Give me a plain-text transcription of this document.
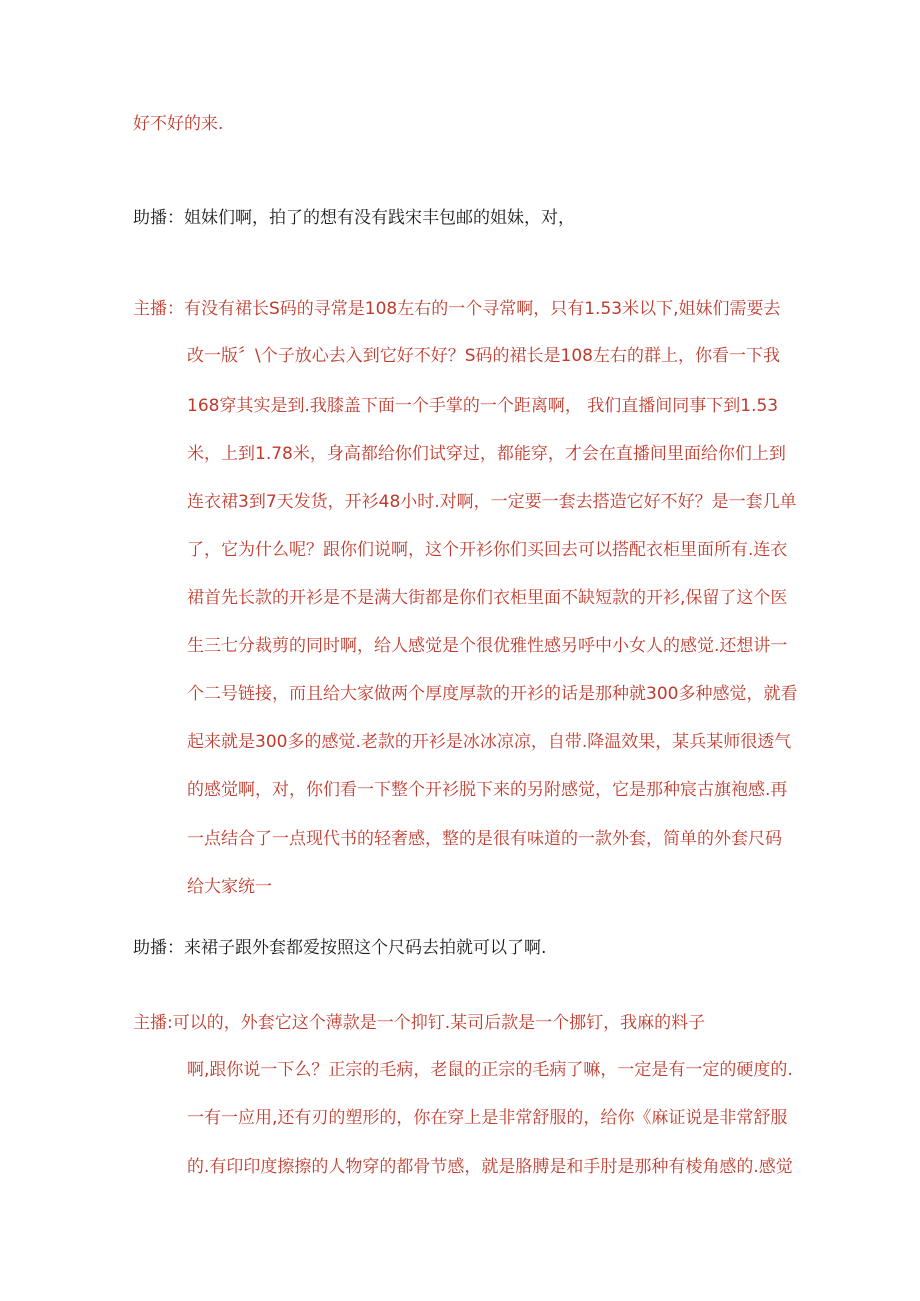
好不好的来.
助播：姐妹们啊，拍了的想有没有践宋丰包邮的姐妹，对，
主播：有没有裙长S码的寻常是108左右的一个寻常啊，只有1.53米以下,姐妹们需要去
改一版〞\个子放心去入到它好不好？S码的裙长是108左右的群上，你看一下我
168穿其实是到.我膝盖下面一个手掌的一个距离啊， 我们直播间同事下到1.53
米，上到1.78米，身高都给你们试穿过，都能穿，才会在直播间里面给你们上到
连衣裙3到7天发货，开衫48小时.对啊，一定要一套去搭造它好不好？是一套几单
了，它为什么呢？跟你们说啊，这个开衫你们买回去可以搭配衣柜里面所有.连衣
裙首先长款的开衫是不是满大街都是你们衣柜里面不缺短款的开衫,保留了这个医
生三七分裁剪的同时啊，给人感觉是个很优雅性感另呼中小女人的感觉.还想讲一
个二号链接，而且给大家做两个厚度厚款的开衫的话是那种就300多种感觉，就看
起来就是300多的感觉.老款的开衫是冰冰凉凉，自带.降温效果，某兵某师很透气
的感觉啊，对，你们看一下整个开衫脱下来的另附感觉，它是那种宸古旗袍感.再
一点结合了一点现代书的轻奢感，整的是很有味道的一款外套，简单的外套尺码
给大家统一
助播：来裙子跟外套都爱按照这个尺码去拍就可以了啊.
主播:可以的，外套它这个薄款是一个抑钉.某司后款是一个挪钉，我麻的料子
啊,跟你说一下么？正宗的毛病，老鼠的正宗的毛病了嘛，一定是有一定的硬度的.
一有一应用,还有刃的塑形的，你在穿上是非常舒服的，给你《麻证说是非常舒服
的.有印印度擦擦的人物穿的都骨节感，就是胳膊是和手肘是那种有棱角感的.感觉
